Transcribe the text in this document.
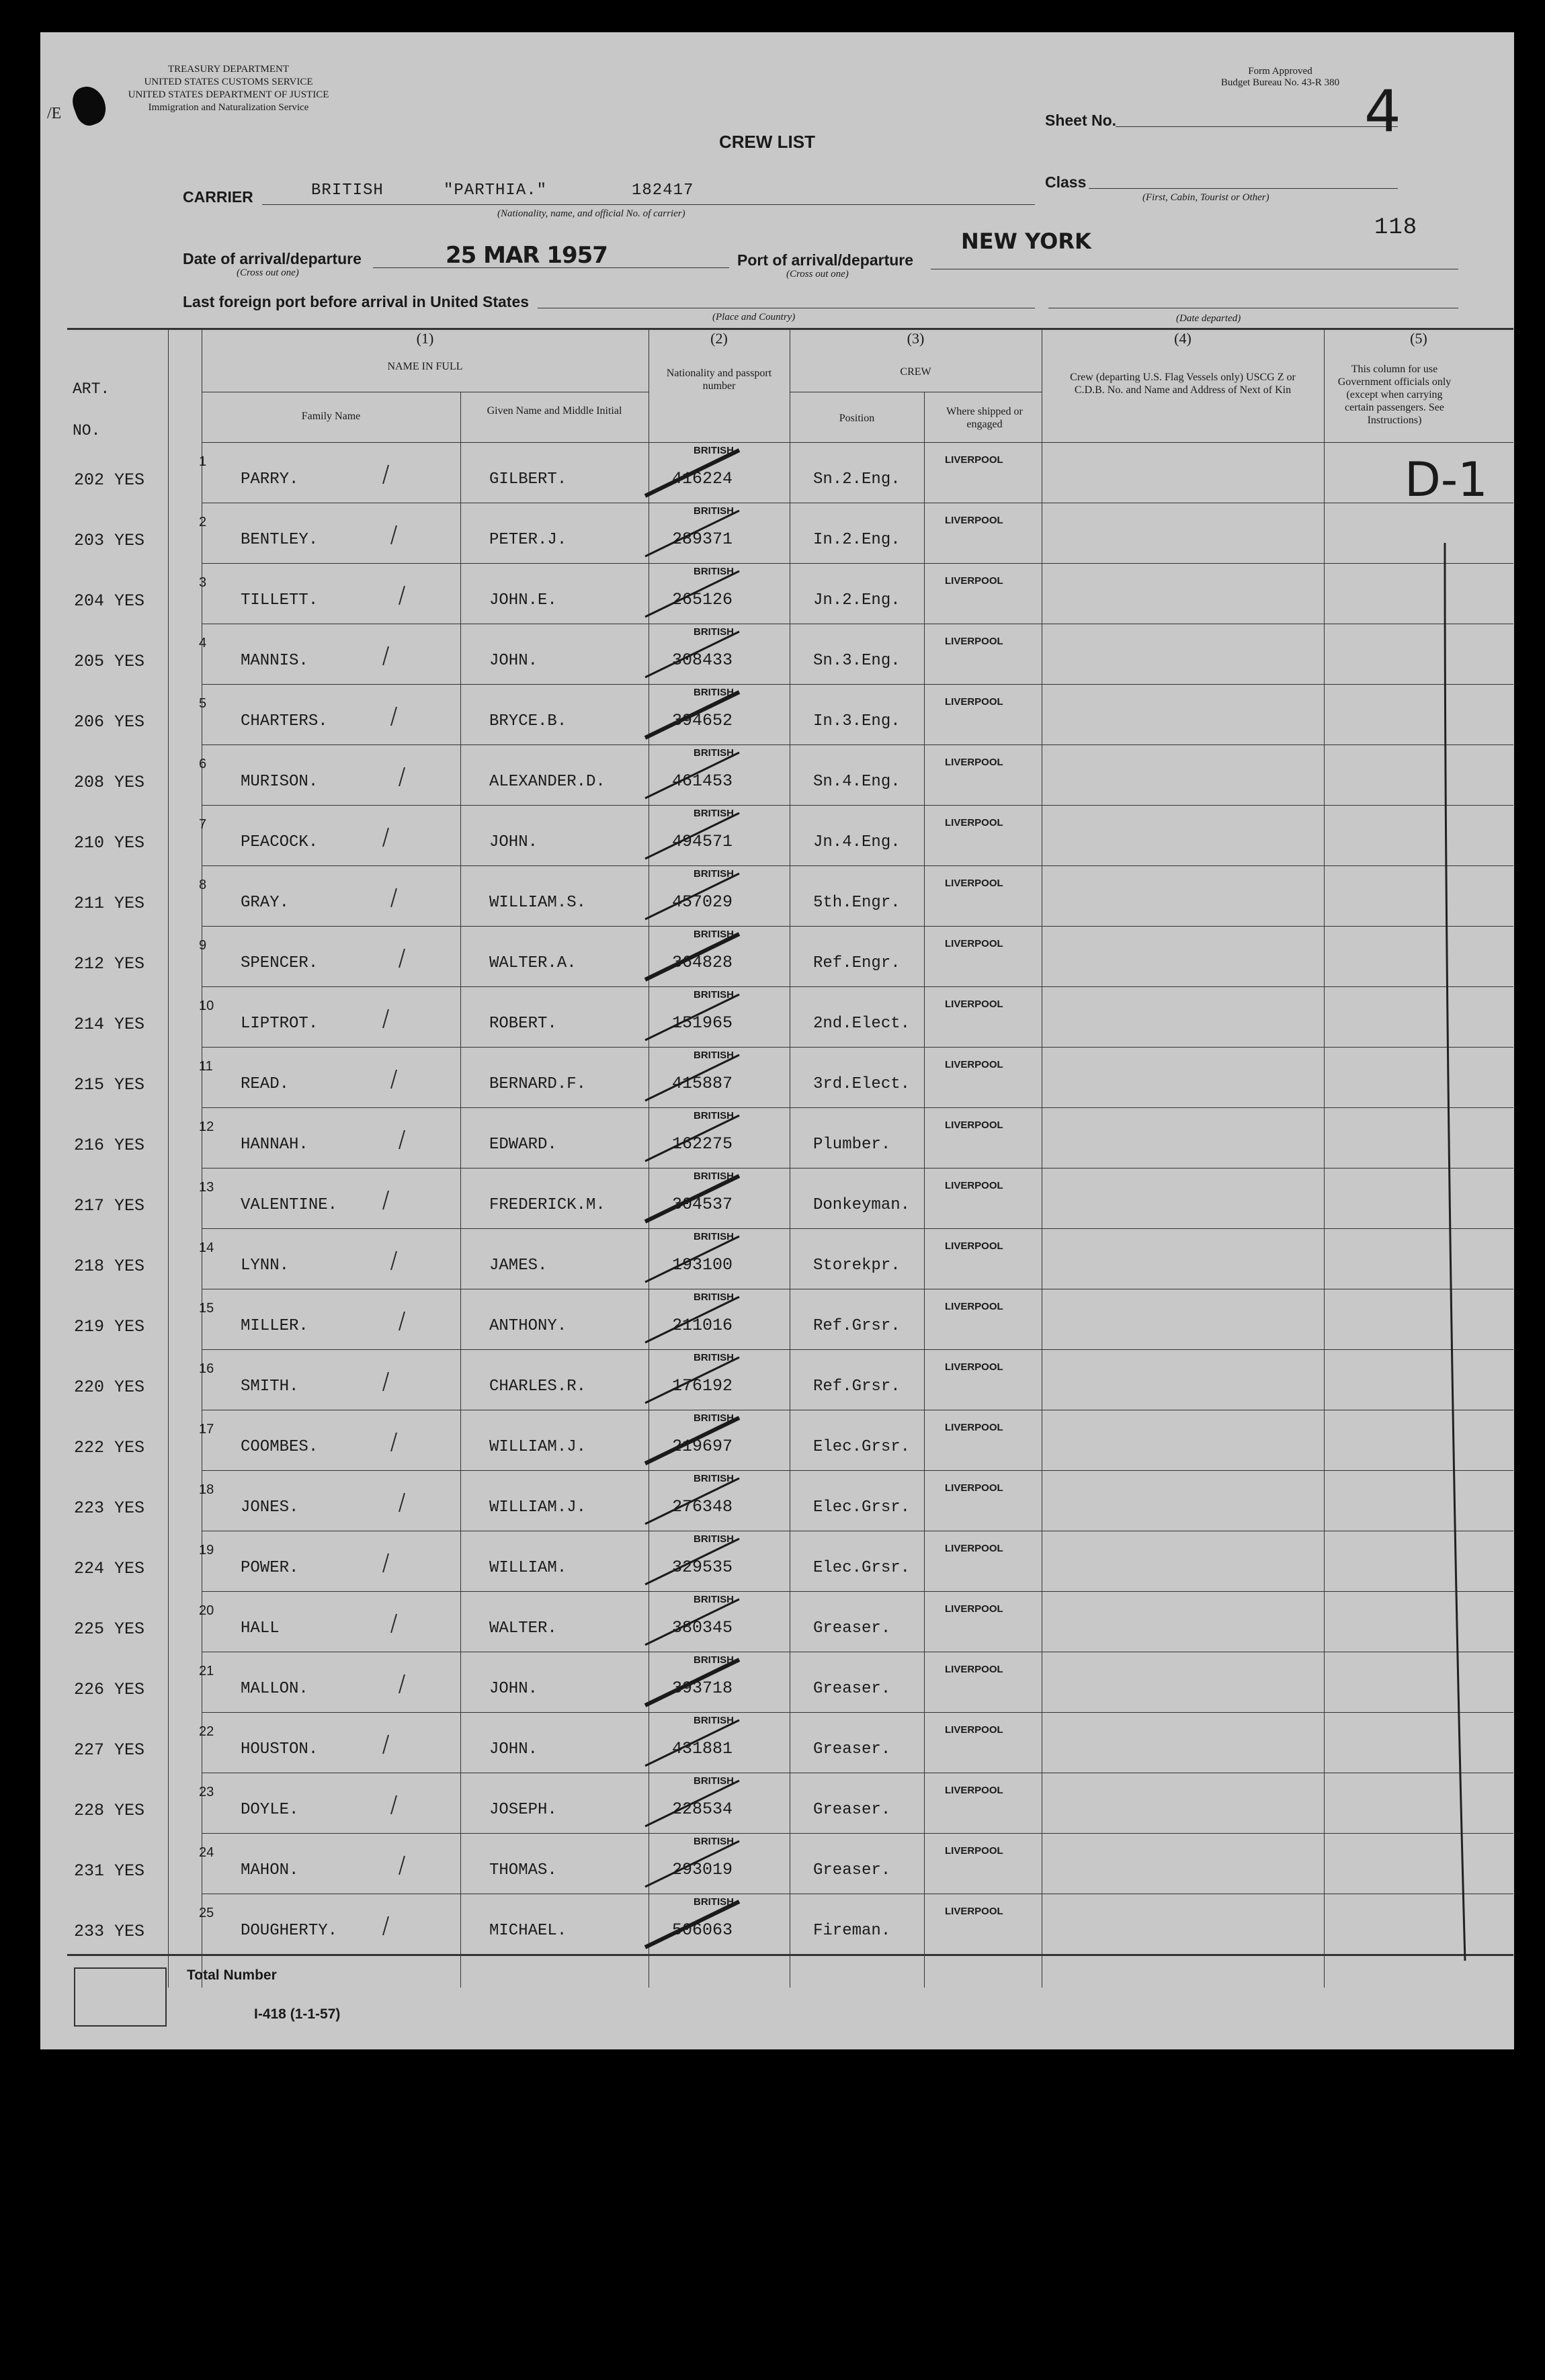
/E
TREASURY DEPARTMENT
UNITED STATES CUSTOMS SERVICE
UNITED STATES DEPARTMENT OF JUSTICE
Immigration and Naturalization Service
Form Approved
Budget Bureau No. 43-R 380
CREW LIST
Sheet No.	4
Class
(First, Cabin, Tourist or Other)
118
CARRIER	BRITISH	"PARTHIA."	182417
(Nationality, name, and official No. of carrier)
Date of arrival/departure
(Cross out one)
25 MAR 1957	Port of arrival/departure
(Cross out one)
NEW YORK
Last foreign port before arrival in United States
(Place and Country)	(Date departed)
ART.
NO.
(1)
NAME IN FULL
Family Name	Given Name and Middle Initial
(2)
Nationality and passport number
(3)
CREW
Position
Where shipped or engaged
(4)
Crew (departing U.S. Flag Vessels only) USCG Z or C.D.B. No. and Name and Address of Next of Kin
(5)
This column for use Government officials only (except when carrying certain passengers. See Instructions)
202 YES
1
PARRY.	GILBERT.
BRITISH
416224	Sn.2.Eng.
LIVERPOOL
203 YES
2
BENTLEY.	PETER.J.
BRITISH
289371	In.2.Eng.
LIVERPOOL
204 YES
3
TILLETT.	JOHN.E.
BRITISH
265126	Jn.2.Eng.
LIVERPOOL
205 YES
4
MANNIS.	JOHN.
BRITISH
308433	Sn.3.Eng.
LIVERPOOL
206 YES
5
CHARTERS.	BRYCE.B.
BRITISH
394652	In.3.Eng.
LIVERPOOL
208 YES
6
MURISON.	ALEXANDER.D.
BRITISH
461453	Sn.4.Eng.
LIVERPOOL
210 YES
7
PEACOCK.	JOHN.
BRITISH
494571	Jn.4.Eng.
LIVERPOOL
211 YES
8
GRAY.	WILLIAM.S.
BRITISH
457029	5th.Engr.
LIVERPOOL
212 YES
9
SPENCER.	WALTER.A.
BRITISH
364828	Ref.Engr.
LIVERPOOL
214 YES
10
LIPTROT.	ROBERT.
BRITISH
151965	2nd.Elect.
LIVERPOOL
215 YES
11
READ.	BERNARD.F.
BRITISH
415887	3rd.Elect.
LIVERPOOL
216 YES
12
HANNAH.	EDWARD.
BRITISH
162275	Plumber.
LIVERPOOL
217 YES
13
VALENTINE.	FREDERICK.M.
BRITISH
304537	Donkeyman.
LIVERPOOL
218 YES
14
LYNN.	JAMES.
BRITISH
193100	Storekpr.
LIVERPOOL
219 YES
15
MILLER.	ANTHONY.
BRITISH
211016	Ref.Grsr.
LIVERPOOL
220 YES
16
SMITH.	CHARLES.R.
BRITISH
176192	Ref.Grsr.
LIVERPOOL
222 YES
17
COOMBES.	WILLIAM.J.
BRITISH
219697	Elec.Grsr.
LIVERPOOL
223 YES
18
JONES.	WILLIAM.J.
BRITISH
276348	Elec.Grsr.
LIVERPOOL
224 YES
19
POWER.	WILLIAM.
BRITISH
329535	Elec.Grsr.
LIVERPOOL
225 YES
20
HALL	WALTER.
BRITISH
380345	Greaser.
LIVERPOOL
226 YES
21
MALLON.	JOHN.
BRITISH
393718	Greaser.
LIVERPOOL
227 YES
22
HOUSTON.	JOHN.
BRITISH
431881	Greaser.
LIVERPOOL
228 YES
23
DOYLE.	JOSEPH.
BRITISH
228534	Greaser.
LIVERPOOL
231 YES
24
MAHON.	THOMAS.
BRITISH
293019	Greaser.
LIVERPOOL
233 YES
25
DOUGHERTY.	MICHAEL.
BRITISH
506063	Fireman.
LIVERPOOL
D-1
Total Number
I-418 (1-1-57)
